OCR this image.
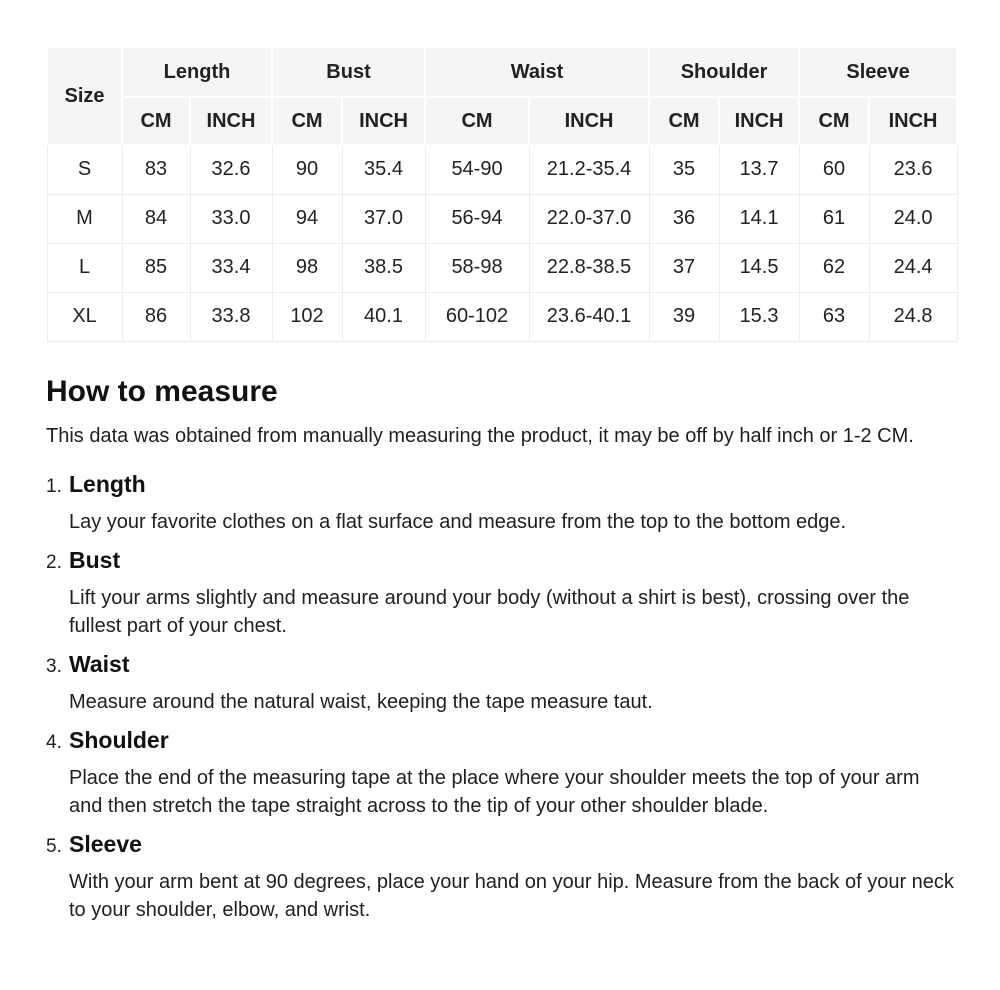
Size	Length		Bust		Waist		Shoulder		Sleeve	
	CM	INCH	CM	INCH	CM	INCH	CM	INCH	CM	INCH
S	83	32.6	90	35.4	54-90	21.2-35.4	35	13.7	60	23.6
M	84	33.0	94	37.0	56-94	22.0-37.0	36	14.1	61	24.0
L	85	33.4	98	38.5	58-98	22.8-38.5	37	14.5	62	24.4
XL	86	33.8	102	40.1	60-102	23.6-40.1	39	15.3	63	24.8
How to measure

This data was obtained from manually measuring the product, it may be off by half inch or 1-2 CM.

1. Length
Lay your favorite clothes on a flat surface and measure from the top to the bottom edge.
2. Bust
Lift your arms slightly and measure around your body (without a shirt is best), crossing over the fullest part of your chest.
3. Waist
Measure around the natural waist, keeping the tape measure taut.
4. Shoulder
Place the end of the measuring tape at the place where your shoulder meets the top of your arm and then stretch the tape straight across to the tip of your other shoulder blade.
5. Sleeve
With your arm bent at 90 degrees, place your hand on your hip. Measure from the back of your neck to your shoulder, elbow, and wrist.
